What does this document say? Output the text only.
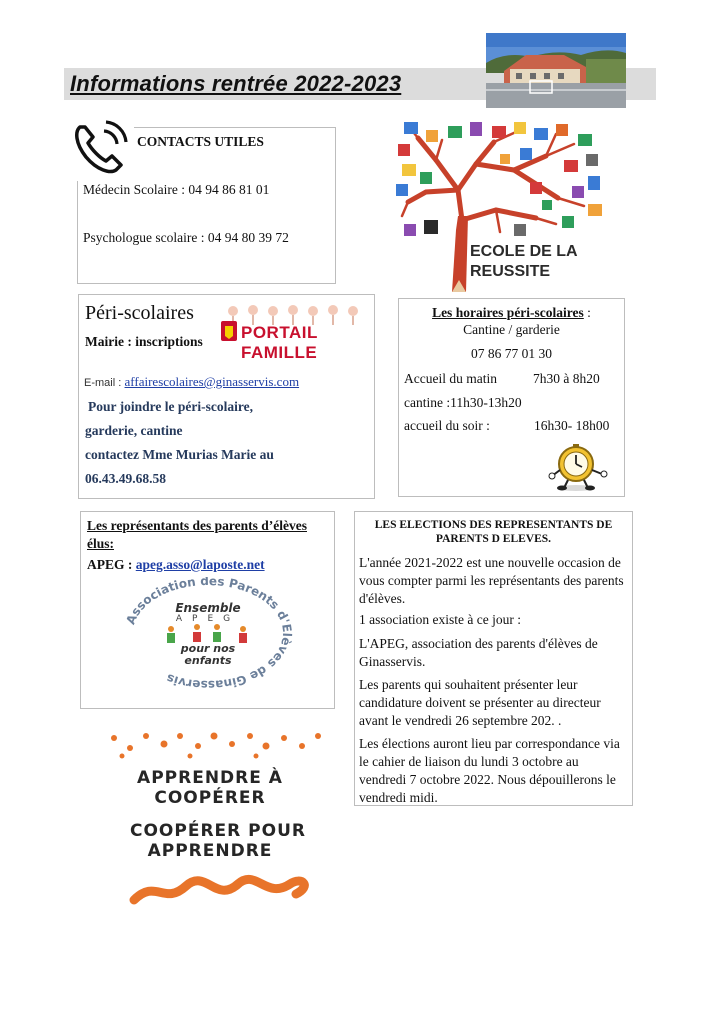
Informations rentrée 2022-2023
CONTACTS UTILES
Médecin Scolaire : 04 94 86 81 01
Psychologue scolaire : 04 94 80 39 72
ECOLE DE LA REUSSITE
Péri-scolaires
Mairie : inscriptions PORTAIL FAMILLE
E-mail : affairescolaires@ginasservis.com
Pour joindre le péri-scolaire,
garderie, cantine
contactez Mme Murias Marie au
06.43.49.68.58
Les horaires péri-scolaires :
Cantine / garderie
07 86 77 01 30
Accueil du matin	7h30 à 8h20
cantine :11h30-13h20
accueil du soir :	16h30- 18h00
Les représentants des parents d’élèves élus:
APEG : apeg.asso@laposte.net
Association des Parents d'Elèves de Ginasservis
Ensemble
APEG
pour nos
enfants
LES ELECTIONS DES REPRESENTANTS DE PARENTS D ELEVES.
L'année 2021-2022 est une nouvelle occasion de vous compter parmi les représentants des parents d'élèves.
1 association existe à ce jour :
L'APEG, association des parents d'élèves de Ginasservis.
Les parents qui souhaitent présenter leur candidature doivent se présenter au directeur avant le vendredi 26 septembre 202. .
Les élections auront lieu par correspondance via le cahier de liaison du lundi 3 octobre au vendredi 7 octobre 2022. Nous dépouillerons le vendredi midi.
APPRENDRE À
COOPÉRER
COOPÉRER POUR
APPRENDRE
